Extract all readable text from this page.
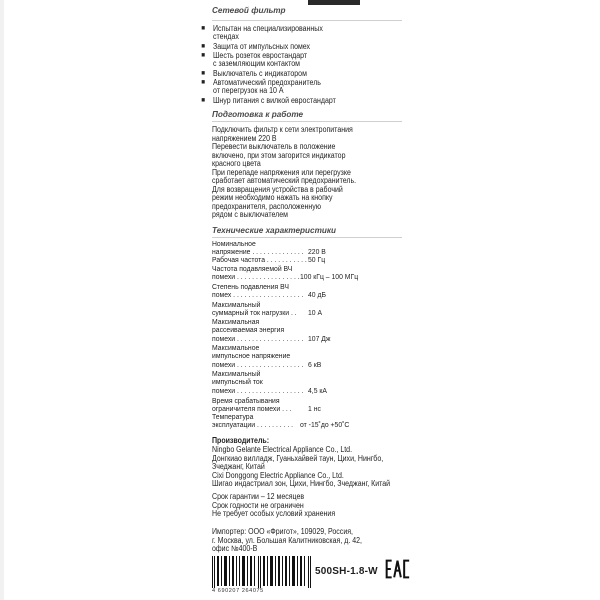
Сетевой фильтр
■ Испытан на специализированных
стендах
■ Защита от импульсных помех
■ Шесть розеток евростандарт
с заземляющим контактом
■ Выключатель с индикатором
■ Автоматический предохранитель
от перегрузок на 10 А
■ Шнур питания с вилкой евростандарт
Подготовка к работе
Подключить фильтр к сети электропитания
напряжением 220 В
Перевести выключатель в положение
включено, при этом загорится индикатор
красного цвета
При перепаде напряжения или перегрузке
сработает автоматический предохранитель.
Для возвращения устройства в рабочий
режим необходимо нажать на кнопку
предохранителя, расположенную
рядом с выключателем
Технические характеристики
Номинальное
напряжение . . . . . . . . . . . . . . 220 В
Рабочая частота . . . . . . . . . . . 50 Гц
Частота подавляемой ВЧ
помехи . . . . . . . . . . . . . . . . . .
100 кГц – 100 МГц
Степень подавления ВЧ
помех . . . . . . . . . . . . . . . . . . . 40 дБ
Максимальный
суммарный ток нагрузки . . 10 А
Максимальная
рассеиваемая энергия
помехи . . . . . . . . . . . . . . . . . . 107 Дж
Максимальное
импульсное напряжение
помехи . . . . . . . . . . . . . . . . . . 6 кВ
Максимальный
импульсный ток
помехи . . . . . . . . . . . . . . . . . . 4,5 кА
Время срабатывания
ограничителя помехи . . . 1 нс
Температура
эксплуатации . . . . . . . . . . от -15˚до +50˚С
Производитель:
Ningbo Gelante Electrical Appliance Co., Ltd.
Донгкиао вилладж, Гуаньхайвей таун, Цихи, Нингбо,
Зчеджанг, Китай
Cixi Donggong Electric Appliance Co., Ltd.
Шигао индастриал зон, Цихи, Нингбо, Зчеджанг, Китай
Срок гарантии – 12 месяцев
Срок годности не ограничен
Не требует особых условий хранения
Импортер: ООО «Фригот», 109029, Россия,
г. Москва, ул. Большая Калитниковская, д. 42,
офис №400-В
4 690207 264075
500SH-1.8-W
